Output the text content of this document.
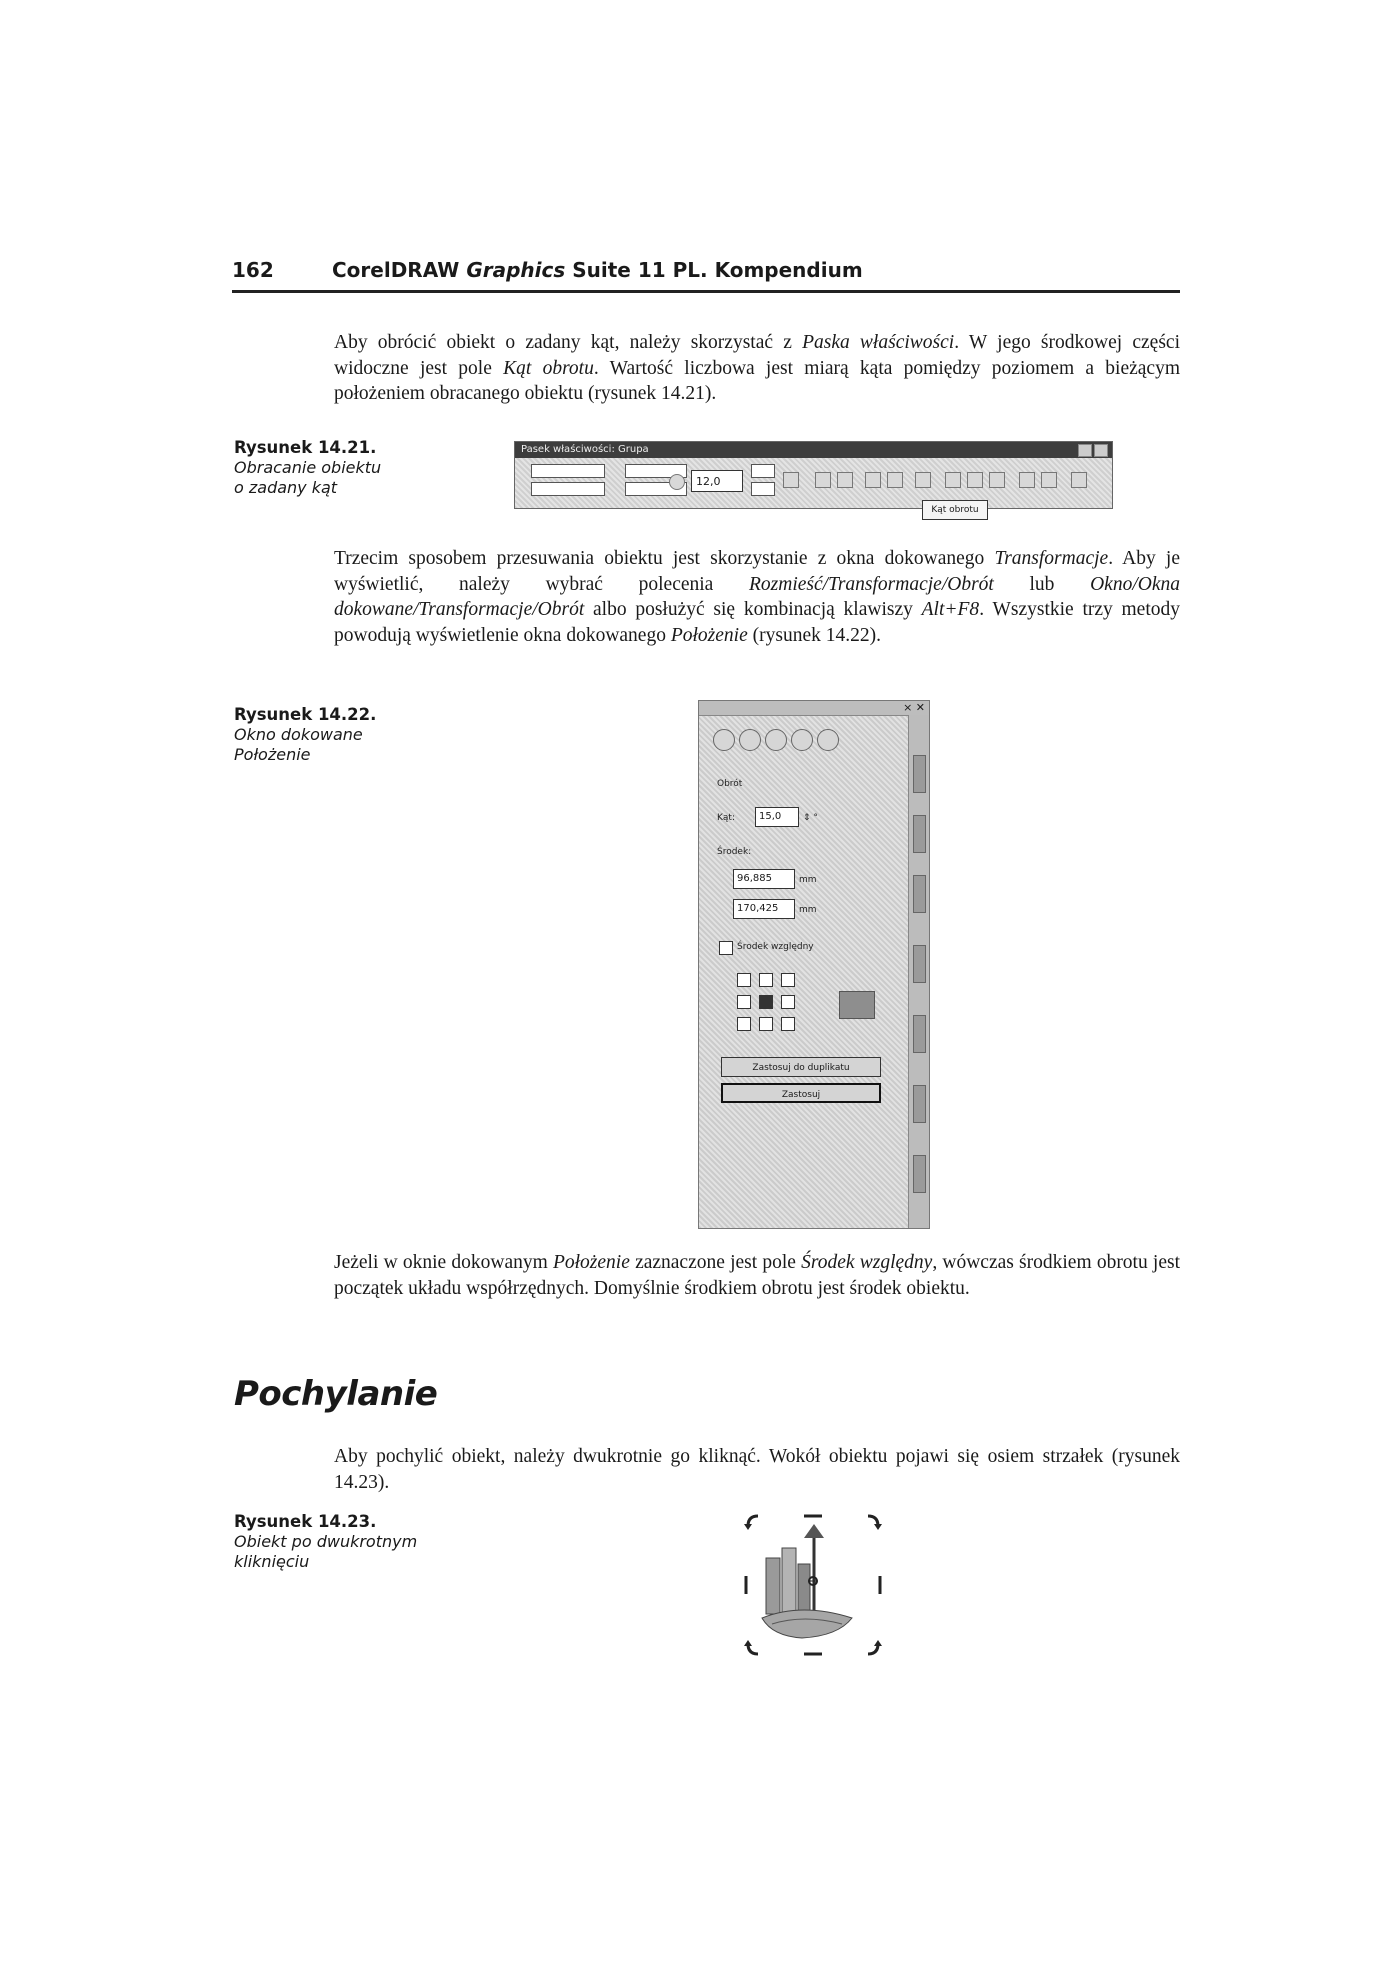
162	CorelDRAW Graphics Suite 11 PL. Kompendium

Aby obrócić obiekt o zadany kąt, należy skorzystać z Paska właściwości. W jego środkowej części widoczne jest pole Kąt obrotu. Wartość liczbowa jest miarą kąta pomiędzy poziomem a bieżącym położeniem obracanego obiektu (rysunek 14.21).

Rysunek 14.21.
Obracanie obiektu
o zadany kąt
Pasek właściwości: Grupa
12,0
Kąt obrotu

Trzecim sposobem przesuwania obiektu jest skorzystanie z okna dokowanego Transformacje. Aby je wyświetlić, należy wybrać polecenia Rozmieść/Transformacje/Obrót lub Okno/Okna dokowane/Transformacje/Obrót albo posłużyć się kombinacją klawiszy Alt+F8. Wszystkie trzy metody powodują wyświetlenie okna dokowanego Położenie (rysunek 14.22).

Rysunek 14.22.
Okno dokowane
Położenie
× ✕
Obrót
Kąt:	15,0	⇕ °
Środek:
96,885	mm
170,425	mm
Środek względny
Zastosuj do duplikatu
Zastosuj

Jeżeli w oknie dokowanym Położenie zaznaczone jest pole Środek względny, wówczas środkiem obrotu jest początek układu współrzędnych. Domyślnie środkiem obrotu jest środek obiektu.

Pochylanie

Aby pochylić obiekt, należy dwukrotnie go kliknąć. Wokół obiektu pojawi się osiem strzałek (rysunek 14.23).

Rysunek 14.23.
Obiekt po dwukrotnym
kliknięciu
